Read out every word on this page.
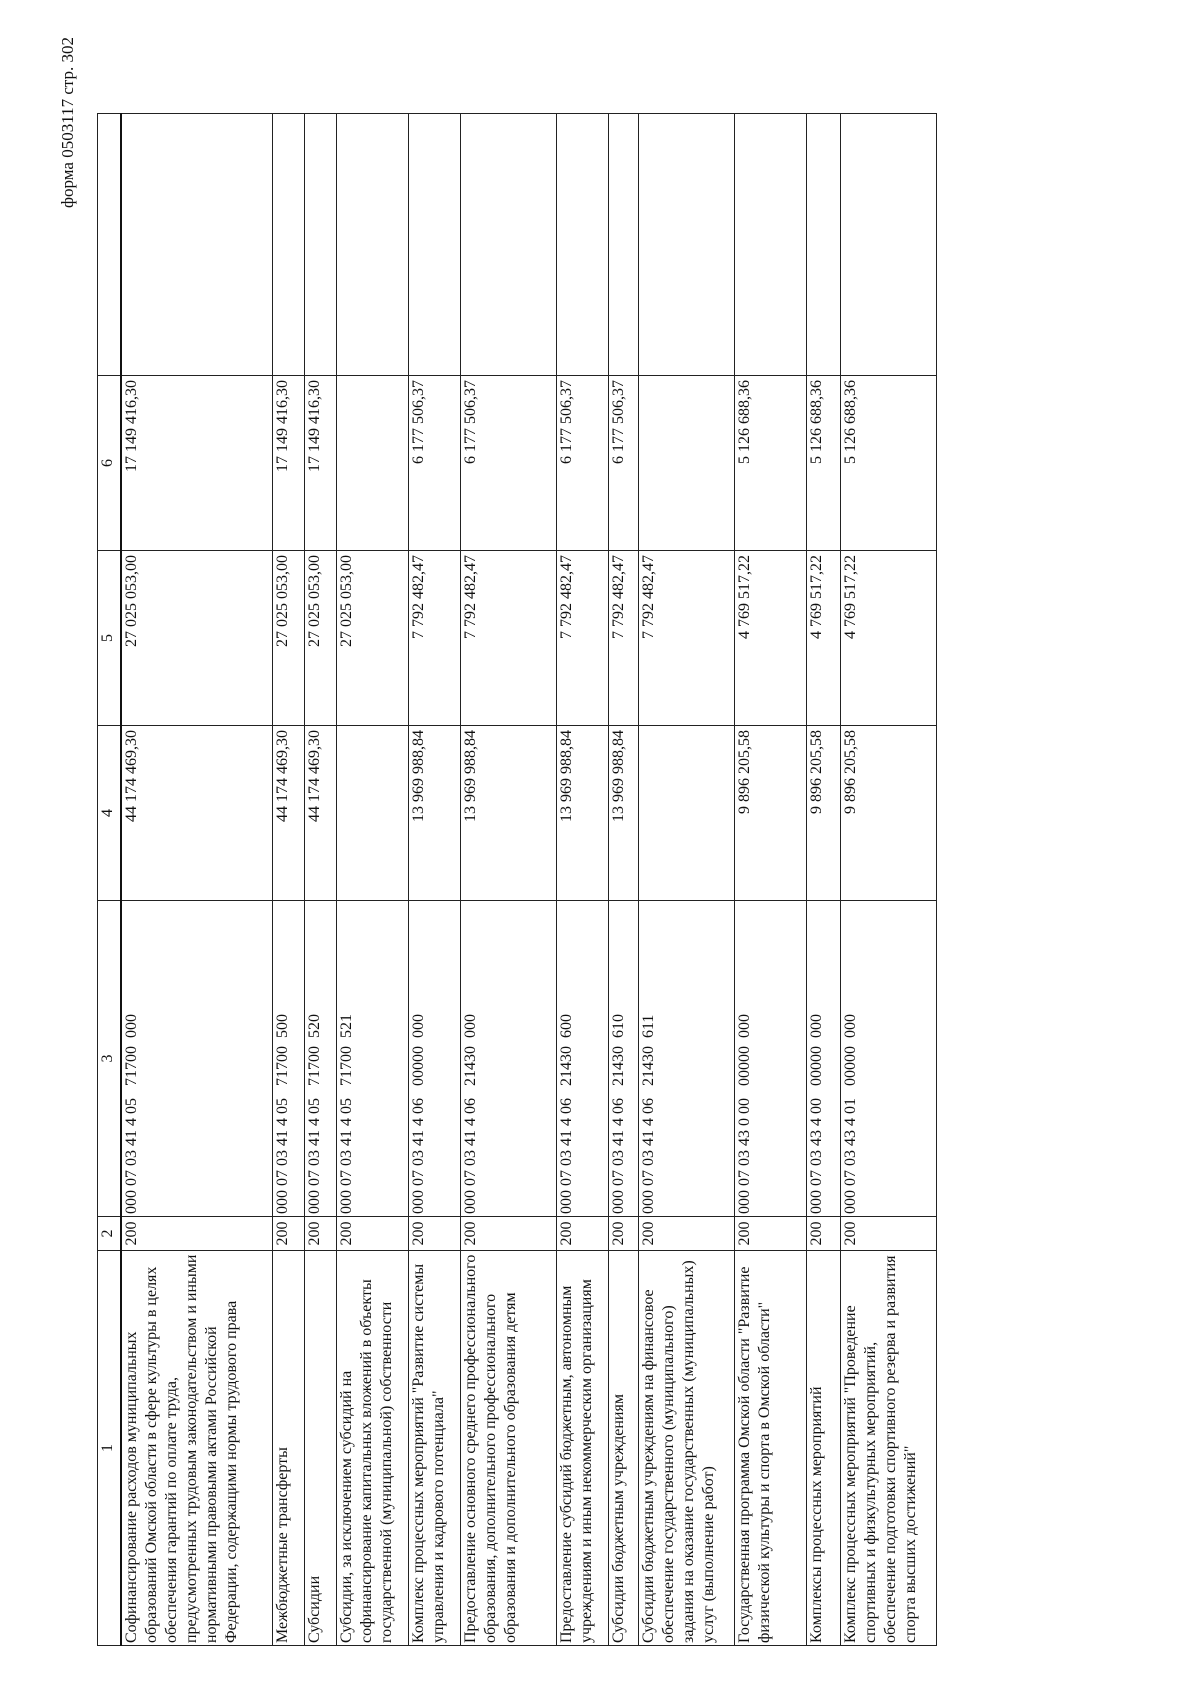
форма 0503117 стр. 302
1	2	3	4	5	6	
Софинансирование расходов муниципальных образований Омской области в сфере культуры в целях обеспечения гарантий по оплате труда, предусмотренных трудовым законодательством и иными нормативными правовыми актами Российской Федерации, содержащими нормы трудового права	200	000 07 03 41 4 05   71700  000	44 174 469,30	27 025 053,00	17 149 416,30	
Межбюджетные трансферты	200	000 07 03 41 4 05   71700  500	44 174 469,30	27 025 053,00	17 149 416,30	
Субсидии	200	000 07 03 41 4 05   71700  520	44 174 469,30	27 025 053,00	17 149 416,30	
Субсидии, за исключением субсидий на софинансирование капитальных вложений в объекты государственной (муниципальной) собственности	200	000 07 03 41 4 05   71700  521		27 025 053,00		
Комплекс процессных мероприятий "Развитие системы управления и кадрового потенциала"	200	000 07 03 41 4 06   00000  000	13 969 988,84	7 792 482,47	6 177 506,37	
Предоставление основного среднего профессионального образования, дополнительного профессионального образования и дополнительного образования детям	200	000 07 03 41 4 06   21430  000	13 969 988,84	7 792 482,47	6 177 506,37	
Предоставление субсидий бюджетным, автономным учреждениям и иным некоммерческим организациям	200	000 07 03 41 4 06   21430  600	13 969 988,84	7 792 482,47	6 177 506,37	
Субсидии бюджетным учреждениям	200	000 07 03 41 4 06   21430  610	13 969 988,84	7 792 482,47	6 177 506,37	
Субсидии бюджетным учреждениям на финансовое обеспечение государственного (муниципального) задания на оказание государственных (муниципальных) услуг (выполнение работ)	200	000 07 03 41 4 06   21430  611		7 792 482,47		
Государственная программа Омской области "Развитие физической культуры и спорта в Омской области"	200	000 07 03 43 0 00   00000  000	9 896 205,58	4 769 517,22	5 126 688,36	
Комплексы процессных мероприятий	200	000 07 03 43 4 00   00000  000	9 896 205,58	4 769 517,22	5 126 688,36	
Комплекс процессных мероприятий "Проведение спортивных и физкультурных мероприятий, обеспечение подготовки спортивного резерва и развития спорта высших достижений"	200	000 07 03 43 4 01   00000  000	9 896 205,58	4 769 517,22	5 126 688,36	
